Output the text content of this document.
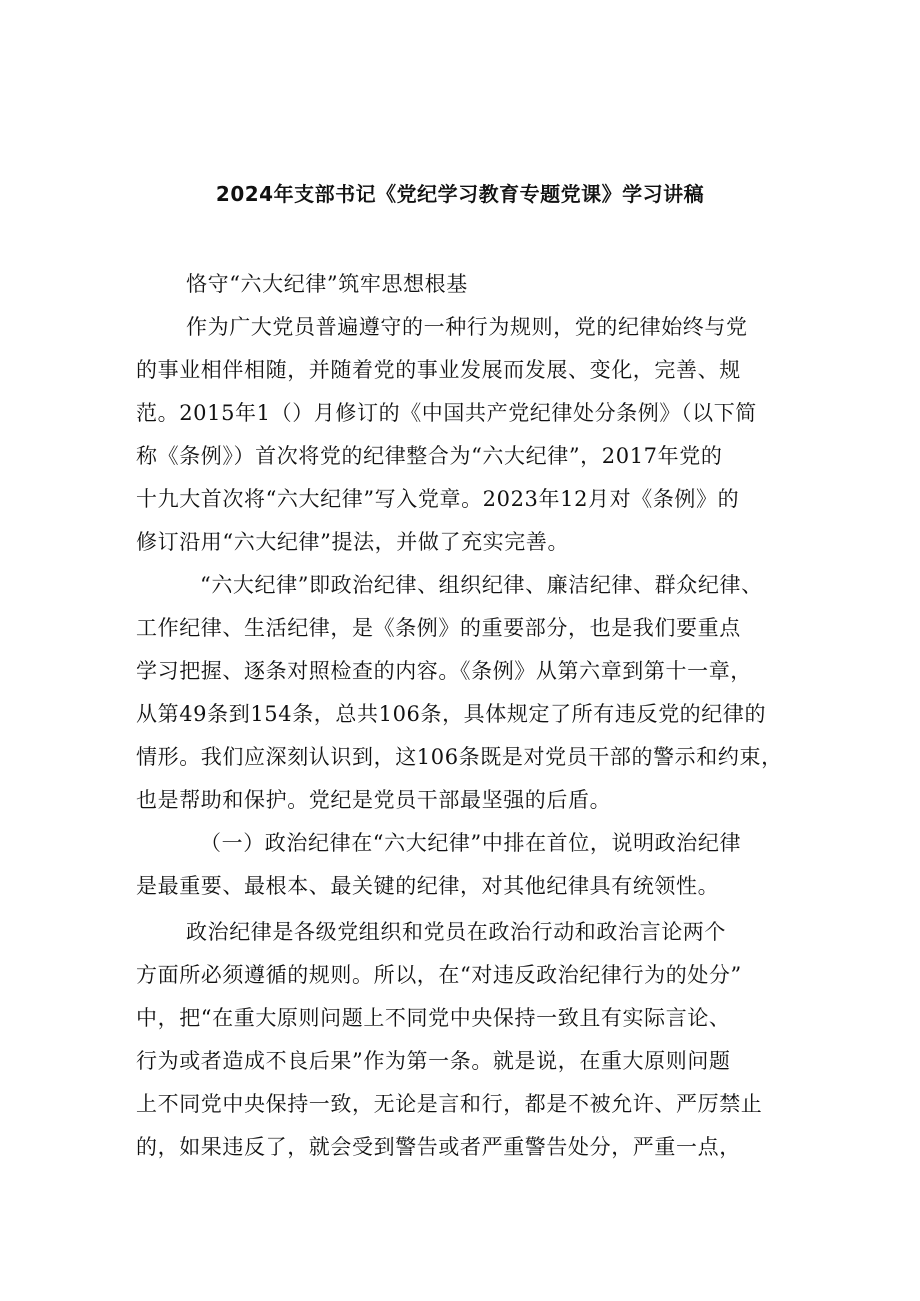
2024年支部书记《党纪学习教育专题党课》学习讲稿
恪守“六大纪律”筑牢思想根基
作为广大党员普遍遵守的一种行为规则，党的纪律始终与党
的事业相伴相随，并随着党的事业发展而发展、变化，完善、规
范。2015年1（）月修订的《中国共产党纪律处分条例》（以下简
称《条例》）首次将党的纪律整合为“六大纪律”，2017年党的
十九大首次将“六大纪律”写入党章。2023年12月对《条例》的
修订沿用“六大纪律”提法，并做了充实完善。
“六大纪律”即政治纪律、组织纪律、廉洁纪律、群众纪律、
工作纪律、生活纪律，是《条例》的重要部分，也是我们要重点
学习把握、逐条对照检查的内容。《条例》从第六章到第十一章，
从第49条到154条，总共106条，具体规定了所有违反党的纪律的
情形。我们应深刻认识到，这106条既是对党员干部的警示和约束，
也是帮助和保护。党纪是党员干部最坚强的后盾。
（一）政治纪律在“六大纪律”中排在首位，说明政治纪律
是最重要、最根本、最关键的纪律，对其他纪律具有统领性。
政治纪律是各级党组织和党员在政治行动和政治言论两个
方面所必须遵循的规则。所以，在“对违反政治纪律行为的处分”
中，把“在重大原则问题上不同党中央保持一致且有实际言论、
行为或者造成不良后果”作为第一条。就是说，在重大原则问题
上不同党中央保持一致，无论是言和行，都是不被允许、严厉禁止
的，如果违反了，就会受到警告或者严重警告处分，严重一点，
